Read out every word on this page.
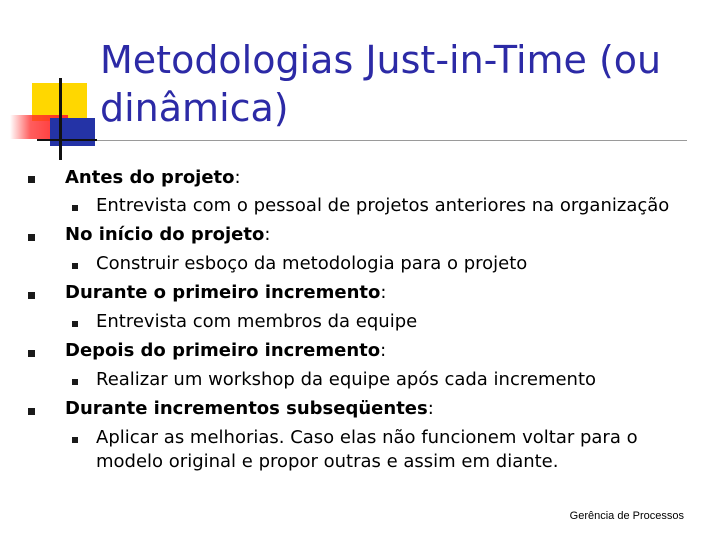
Metodologias Just-in-Time (ou
dinâmica)
Antes do projeto:
Entrevista com o pessoal de projetos anteriores na organização
No início do projeto:
Construir esboço da metodologia para o projeto
Durante o primeiro incremento:
Entrevista com membros da equipe
Depois do primeiro incremento:
Realizar um workshop da equipe após cada incremento
Durante incrementos subseqüentes:
Aplicar as melhorias. Caso elas não funcionem voltar para o modelo original e propor outras e assim em diante.
Gerência de Processos
